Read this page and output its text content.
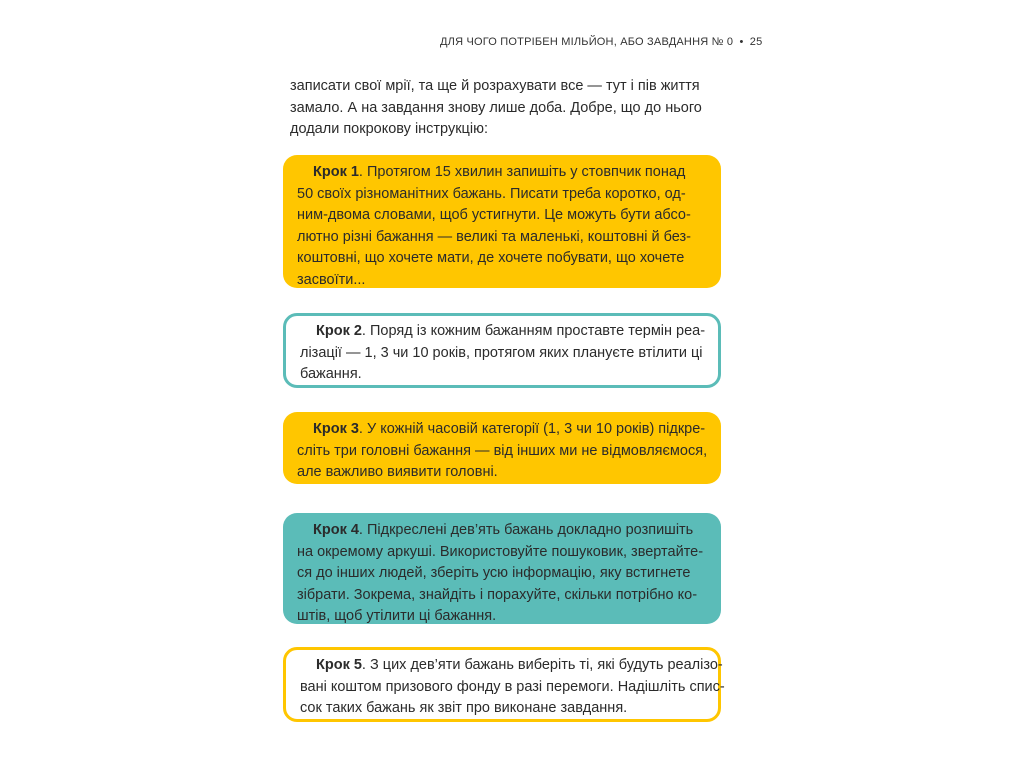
ДЛЯ ЧОГО ПОТРІБЕН МІЛЬЙОН, АБО ЗАВДАННЯ № 0 • 25

записати свої мрії, та ще й розрахувати все — тут і пів життя
замало. А на завдання знову лише доба. Добре, що до нього
додали покрокову інструкцію:

Крок 1. Протягом 15 хвилин запишіть у стовпчик понад
50 своїх різноманітних бажань. Писати треба коротко, од-
ним-двома словами, щоб устигнути. Це можуть бути абсо-
лютно різні бажання — великі та маленькі, коштовні й без-
коштовні, що хочете мати, де хочете побувати, що хочете
засвоїти...
Крок 2. Поряд із кожним бажанням проставте термін реа-
лізації — 1, 3 чи 10 років, протягом яких плануєте втілити ці
бажання.
Крок 3. У кожній часовій категорії (1, 3 чи 10 років) підкре-
сліть три головні бажання — від інших ми не відмовляємося,
але важливо виявити головні.
Крок 4. Підкреслені дев’ять бажань докладно розпишіть
на окремому аркуші. Використовуйте пошуковик, звертайте-
ся до інших людей, зберіть усю інформацію, яку встигнете
зібрати. Зокрема, знайдіть і порахуйте, скільки потрібно ко-
штів, щоб утілити ці бажання.
Крок 5. З цих дев’яти бажань виберіть ті, які будуть реалізо-
вані коштом призового фонду в разі перемоги. Надішліть спис-
сок таких бажань як звіт про виконане завдання.
